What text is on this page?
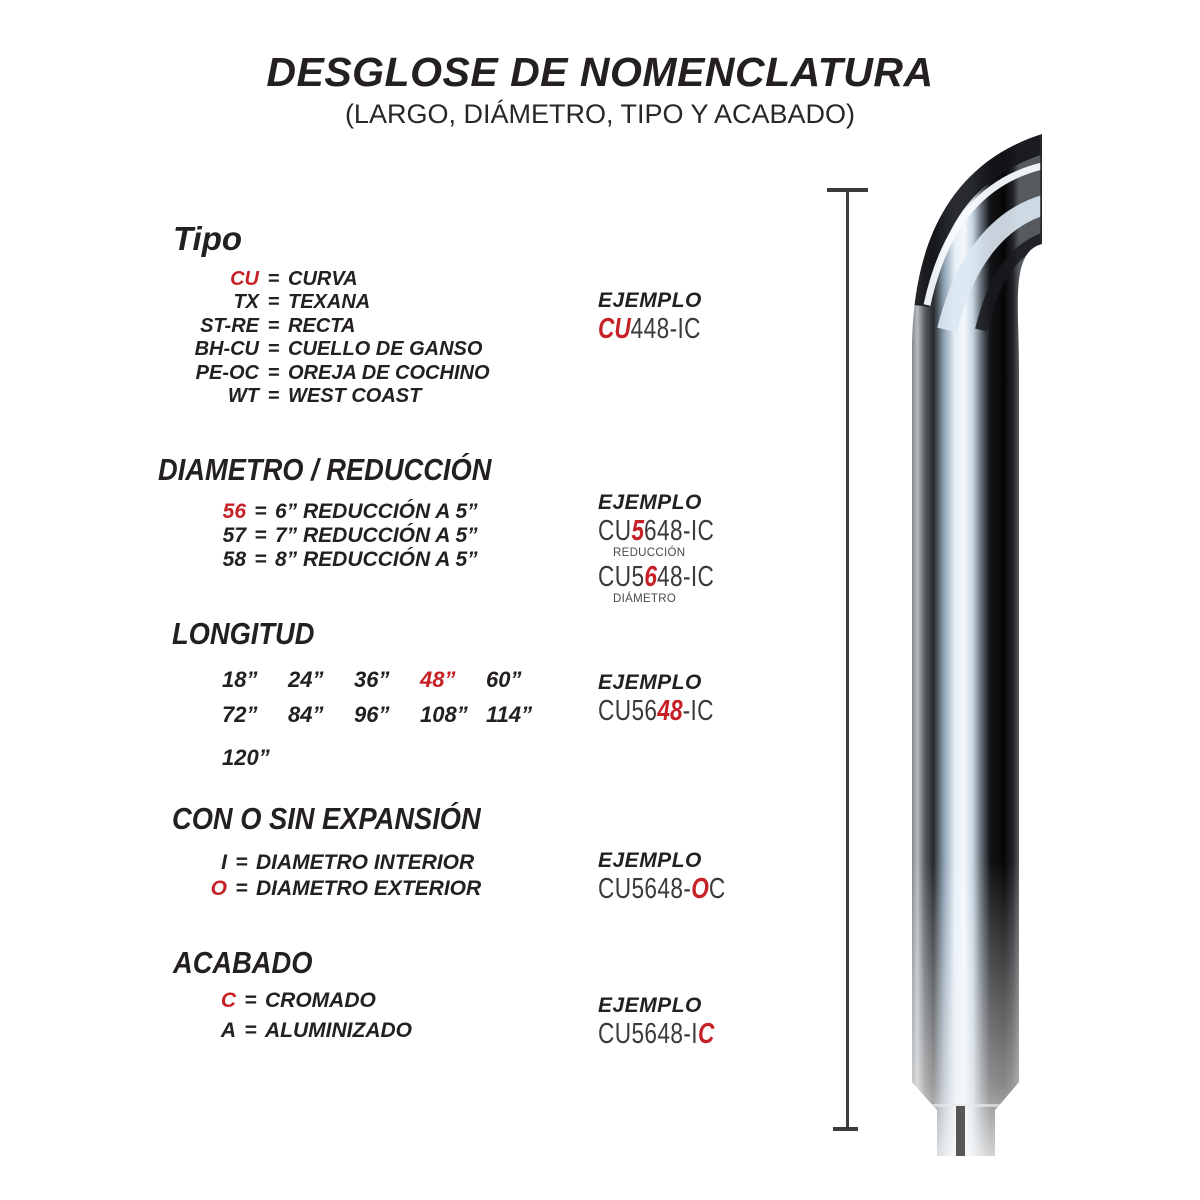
DESGLOSE DE NOMENCLATURA
(LARGO, DIÁMETRO, TIPO Y ACABADO)
Tipo
DIAMETRO / REDUCCIÓN
LONGITUD
CON O SIN EXPANSIÓN
ACABADO
CU = CURVA
TX = TEXANA
ST-RE = RECTA
BH-CU = CUELLO DE GANSO
PE-OC = OREJA DE COCHINO
WT = WEST COAST
56 = 6” REDUCCIÓN A 5”
57 = 7” REDUCCIÓN A 5”
58 = 8” REDUCCIÓN A 5”
I = DIAMETRO INTERIOR
O = DIAMETRO EXTERIOR
C = CROMADO
A = ALUMINIZADO
18”	24”	36”	48”	60”
72”	84”	96”	108” 114”
120”
EJEMPLO
CU448-IC
EJEMPLO
CU5648-IC
REDUCCIÓN
CU5648-IC
DIÁMETRO
EJEMPLO
CU5648-IC
EJEMPLO
CU5648-OC
EJEMPLO
CU5648-IC
